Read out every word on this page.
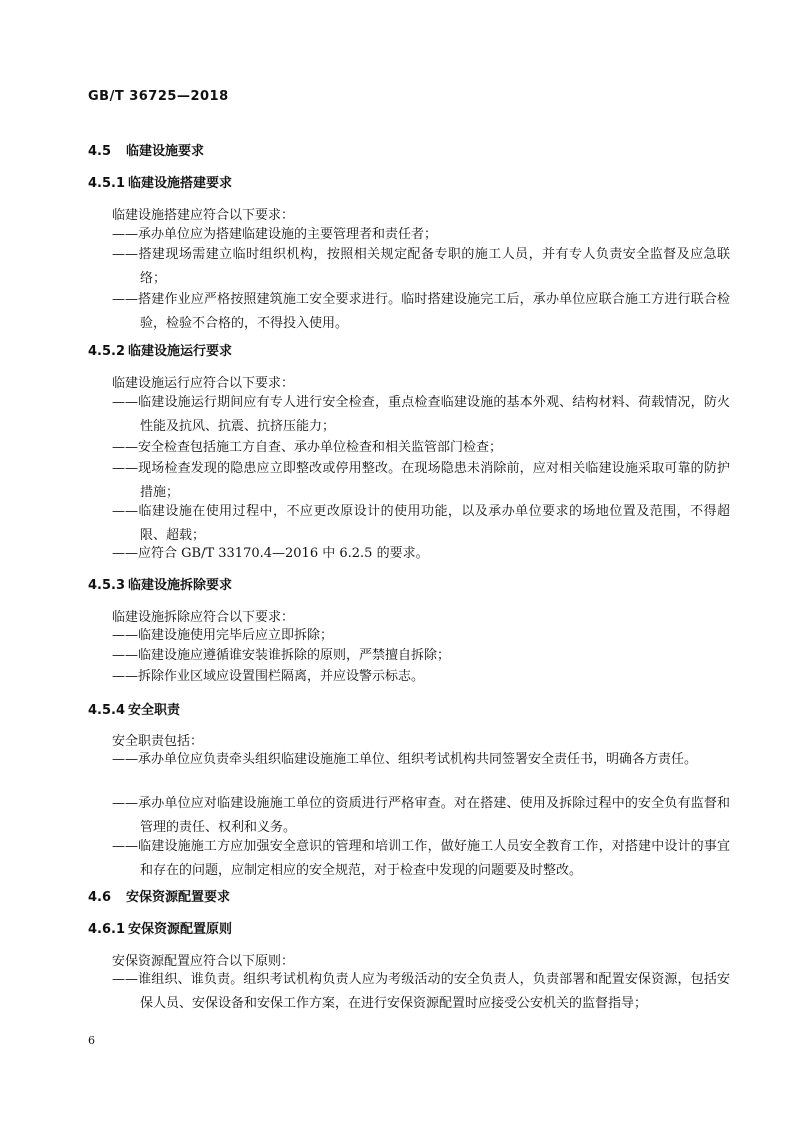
GB/T 36725—2018
4.5 临建设施要求
4.5.1 临建设施搭建要求
临建设施搭建应符合以下要求：
——承办单位应为搭建临建设施的主要管理者和责任者；
——搭建现场需建立临时组织机构，按照相关规定配备专职的施工人员，并有专人负责安全监督及应急联络；
——搭建作业应严格按照建筑施工安全要求进行。临时搭建设施完工后，承办单位应联合施工方进行联合检验，检验不合格的，不得投入使用。
4.5.2 临建设施运行要求
临建设施运行应符合以下要求：
——临建设施运行期间应有专人进行安全检查，重点检查临建设施的基本外观、结构材料、荷载情况，防火性能及抗风、抗震、抗挤压能力；
——安全检查包括施工方自查、承办单位检查和相关监管部门检查；
——现场检查发现的隐患应立即整改或停用整改。在现场隐患未消除前，应对相关临建设施采取可靠的防护措施；
——临建设施在使用过程中，不应更改原设计的使用功能，以及承办单位要求的场地位置及范围，不得超限、超载；
——应符合 GB/T 33170.4—2016 中 6.2.5 的要求。
4.5.3 临建设施拆除要求
临建设施拆除应符合以下要求：
——临建设施使用完毕后应立即拆除；
——临建设施应遵循谁安装谁拆除的原则，严禁擅自拆除；
——拆除作业区域应设置围栏隔离，并应设警示标志。
4.5.4 安全职责
安全职责包括：
——承办单位应负责牵头组织临建设施施工单位、组织考试机构共同签署安全责任书，明确各方责任。
——承办单位应对临建设施施工单位的资质进行严格审查。对在搭建、使用及拆除过程中的安全负有监督和管理的责任、权利和义务。
——临建设施施工方应加强安全意识的管理和培训工作，做好施工人员安全教育工作，对搭建中设计的事宜和存在的问题，应制定相应的安全规范，对于检查中发现的问题要及时整改。
4.6 安保资源配置要求
4.6.1 安保资源配置原则
安保资源配置应符合以下原则：
——谁组织、谁负责。组织考试机构负责人应为考级活动的安全负责人，负责部署和配置安保资源，包括安保人员、安保设备和安保工作方案，在进行安保资源配置时应接受公安机关的监督指导；
6
